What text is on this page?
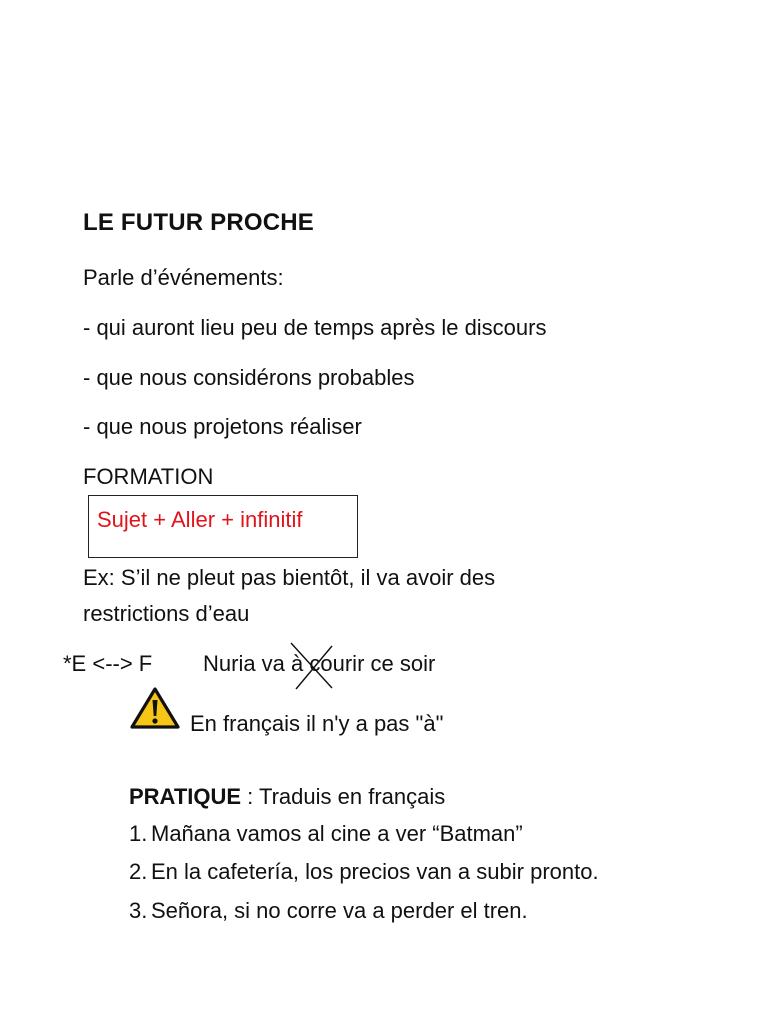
LE FUTUR PROCHE
Parle d’événements:
- qui auront lieu peu de temps après le discours
- que nous considérons probables
- que nous projetons réaliser
FORMATION
Sujet + Aller + infinitif
Ex: S’il ne pleut pas bientôt, il va avoir des
restrictions d’eau
*E <--> F Nuria va à courir ce soir
En français il n'y a pas "à"
PRATIQUE : Traduis en français
1. Mañana vamos al cine a ver “Batman”
2. En la cafetería, los precios van a subir pronto.
3. Señora, si no corre va a perder el tren.
